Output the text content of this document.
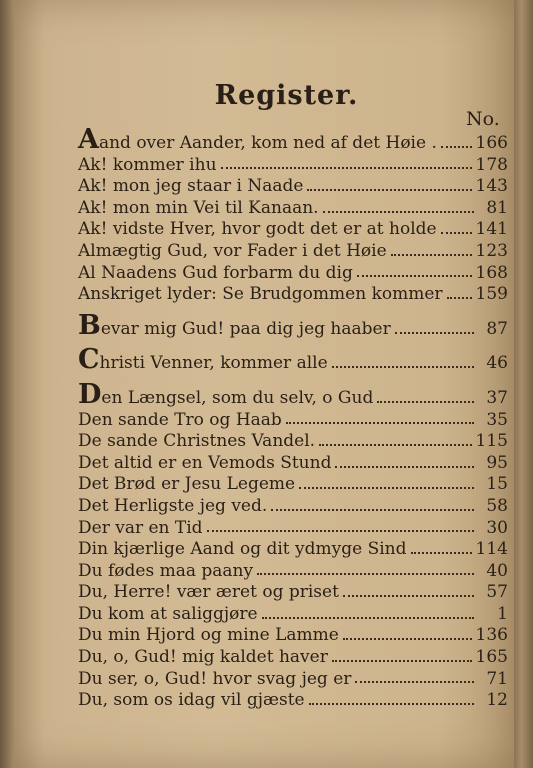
Register.
No.
Aand over Aander, kom ned af det Høie . 166
Ak! kommer ihu	178
Ak! mon jeg staar i Naade	143
Ak! mon min Vei til Kanaan.	81
Ak! vidste Hver, hvor godt det er at holde 141
Almægtig Gud, vor Fader i det Høie	123
Al Naadens Gud forbarm du dig	168
Anskriget lyder: Se Brudgommen kommer 159
Bevar mig Gud! paa dig jeg haaber	87
Christi Venner, kommer alle	46
Den Længsel, som du selv, o Gud	37
Den sande Tro og Haab	35
De sande Christnes Vandel.	115
Det altid er en Vemods Stund	95
Det Brød er Jesu Legeme	15
Det Herligste jeg ved.	58
Der var en Tid	30
Din kjærlige Aand og dit ydmyge Sind	114
Du fødes maa paany	40
Du, Herre! vær æret og priset	57
Du kom at saliggjøre	1
Du min Hjord og mine Lamme	136
Du, o, Gud! mig kaldet haver	165
Du ser, o, Gud! hvor svag jeg er	71
Du, som os idag vil gjæste	12
